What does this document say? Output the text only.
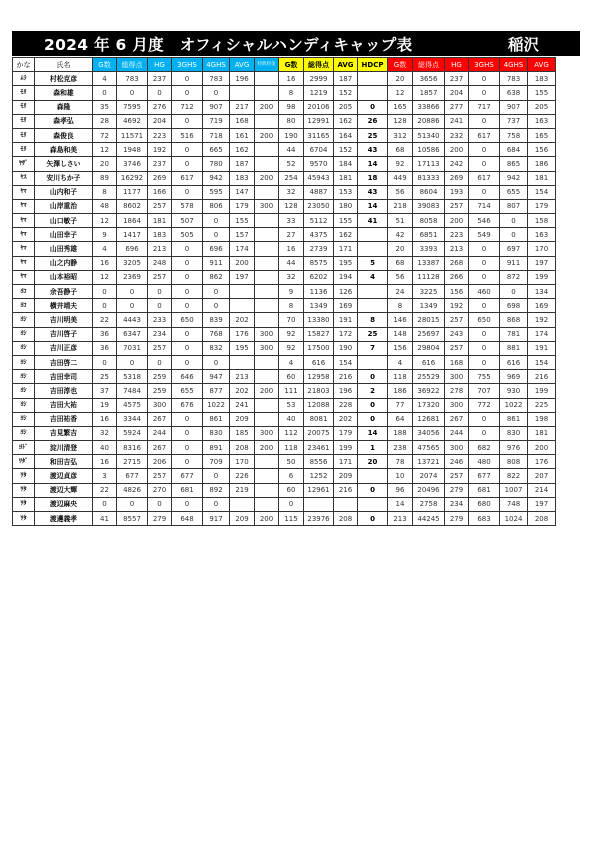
2024 年 6 月度　オフィシャルハンディキャップ表	稲沢
かな	氏名	G数	総得点	HG	3GHS	4GHS	AVG	特典料金	G数	総得点	AVG	HDCP	G数	総得点	HG	3GHS	4GHS	AVG
ﾑﾗ	村松克彦	4	783	237	0	783	196		16	2999	187		20	3656	237	0	783	183
ﾓﾘ	森和雄	0	0	0	0	0			8	1219	152		12	1857	204	0	638	155
ﾓﾘ	森隆	35	7595	276	712	907	217	200	98	20106	205	0	165	33866	277	717	907	205
ﾓﾘ	森孝弘	28	4692	204	0	719	168		80	12991	162	26	128	20886	241	0	737	163
ﾓﾘ	森俊良	72	11571	223	516	718	161	200	190	31165	164	25	312	51340	232	617	758	165
ﾓﾘ	森島和美	12	1948	192	0	665	162		44	6704	152	43	68	10586	200	0	684	156
ﾔｻﾞ	矢澤しさい	20	3746	237	0	780	187		52	9570	184	14	92	17113	242	0	865	186
ﾔｽ	安川ちか子	89	16292	269	617	942	183	200	254	45943	181	18	449	81333	269	617	942	181
ﾔﾏ	山内和子	8	1177	166	0	595	147		32	4887	153	43	56	8604	193	0	655	154
ﾔﾏ	山岸重治	48	8602	257	578	806	179	300	128	23050	180	14	218	39083	257	714	807	179
ﾔﾏ	山口敏子	12	1864	181	507	0	155		33	5112	155	41	51	8058	200	546	0	158
ﾔﾏ	山田幸子	9	1417	183	505	0	157		27	4375	162		42	6851	223	549	0	163
ﾔﾏ	山田秀雄	4	696	213	0	696	174		16	2739	171		20	3393	213	0	697	170
ﾔﾏ	山之内静	16	3205	248	0	911	200		44	8575	195	5	68	13387	268	0	911	197
ﾔﾏ	山本裕昭	12	2369	257	0	862	197		32	6202	194	4	56	11128	266	0	872	199
ﾖｺ	余吾静子	0	0	0	0	0			9	1136	126		24	3225	156	460	0	134
ﾖｺ	横井靖夫	0	0	0	0	0			8	1349	169		8	1349	192	0	698	169
ﾖｼ	吉川明美	22	4443	233	650	839	202		70	13380	191	8	146	28015	257	650	868	192
ﾖｼ	吉川啓子	36	6347	234	0	768	176	300	92	15827	172	25	148	25697	243	0	781	174
ﾖｼ	吉川正彦	36	7031	257	0	832	195	300	92	17500	190	7	156	29804	257	0	881	191
ﾖｼ	吉田啓二	0	0	0	0	0			4	616	154		4	616	168	0	616	154
ﾖｼ	吉田幸司	25	5318	259	646	947	213		60	12958	216	0	118	25529	300	755	969	216
ﾖｼ	吉田淳也	37	7484	259	655	877	202	200	111	21803	196	2	186	36922	278	707	930	199
ﾖｼ	吉田大祐	19	4575	300	676	1022	241		53	12088	228	0	77	17320	300	772	1022	225
ﾖｼ	吉田祐香	16	3344	267	0	861	209		40	8081	202	0	64	12681	267	0	861	198
ﾖｼ	吉見繁吉	32	5924	244	0	830	185	300	112	20075	179	14	188	34056	244	0	830	181
ﾖﾄﾞ	淀川清登	40	8316	267	0	891	208	200	118	23461	199	1	238	47565	300	682	976	200
ﾜﾀﾞ	和田吉弘	16	2715	206	0	709	170		50	8556	171	20	78	13721	246	480	808	176
ﾜﾀ	渡辺貞彦	3	677	257	677	0	226		6	1252	209		10	2074	257	677	822	207
ﾜﾀ	渡辺大輝	22	4826	270	681	892	219		60	12961	216	0	96	20496	279	681	1007	214
ﾜﾀ	渡辺麻央	0	0	0	0	0			0				14	2758	234	680	748	197
ﾜﾀ	渡邊義孝	41	8557	279	648	917	209	200	115	23976	208	0	213	44245	279	683	1024	208
